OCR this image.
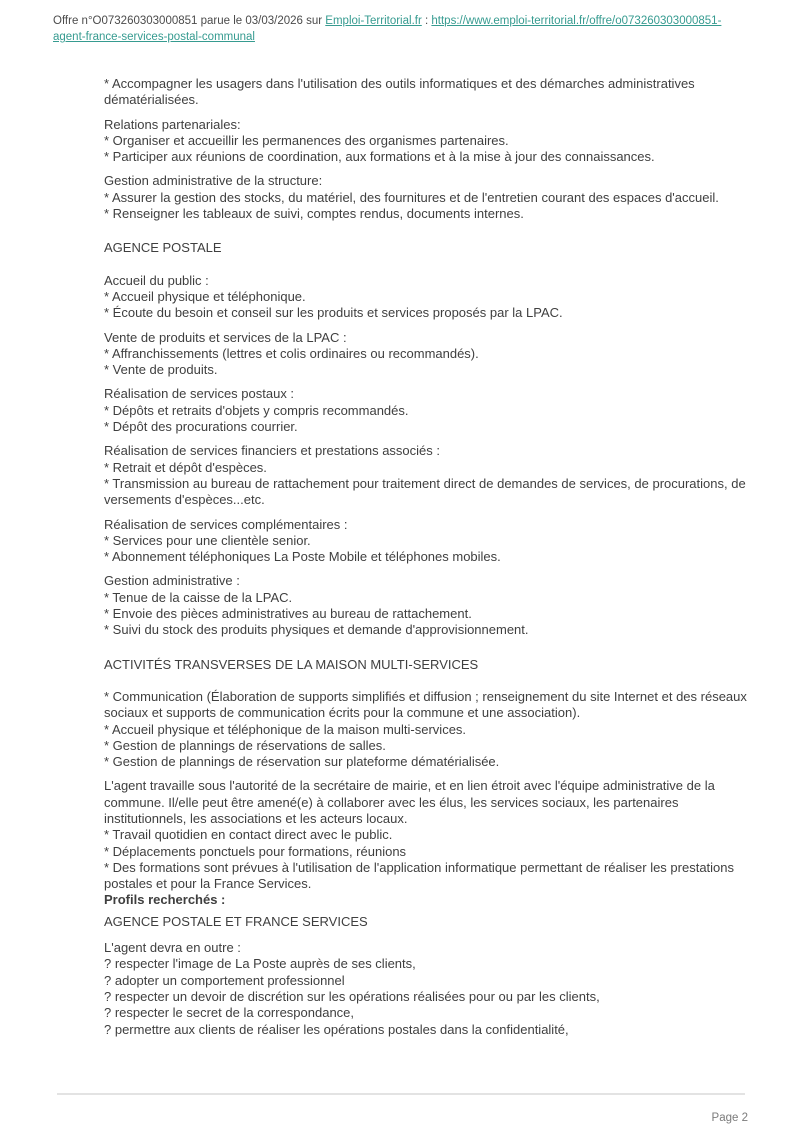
Offre n°O073260303000851 parue le 03/03/2026 sur Emploi-Territorial.fr : https://www.emploi-territorial.fr/offre/o073260303000851-agent-france-services-postal-communal
* Accompagner les usagers dans l'utilisation des outils informatiques et des démarches administratives dématérialisées.
Relations partenariales:
* Organiser et accueillir les permanences des organismes partenaires.
* Participer aux réunions de coordination, aux formations et à la mise à jour des connaissances.
Gestion administrative de la structure:
* Assurer la gestion des stocks, du matériel, des fournitures et de l'entretien courant des espaces d'accueil.
* Renseigner les tableaux de suivi, comptes rendus, documents internes.
AGENCE POSTALE
Accueil du public :
* Accueil physique et téléphonique.
* Écoute du besoin et conseil sur les produits et services proposés par la LPAC.
Vente de produits et services de la LPAC :
* Affranchissements (lettres et colis ordinaires ou recommandés).
* Vente de produits.
Réalisation de services postaux :
* Dépôts et retraits d'objets y compris recommandés.
* Dépôt des procurations courrier.
Réalisation de services financiers et prestations associés :
* Retrait et dépôt d'espèces.
* Transmission au bureau de rattachement pour traitement direct de demandes de services, de procurations, de versements d'espèces...etc.
Réalisation de services complémentaires :
* Services pour une clientèle senior.
* Abonnement téléphoniques La Poste Mobile et téléphones mobiles.
Gestion administrative :
* Tenue de la caisse de la LPAC.
* Envoie des pièces administratives au bureau de rattachement.
* Suivi du stock des produits physiques et demande d'approvisionnement.
ACTIVITÉS TRANSVERSES DE LA MAISON MULTI-SERVICES
* Communication (Élaboration de supports simplifiés et diffusion ; renseignement du site Internet et des réseaux sociaux et supports de communication écrits pour la commune et une association).
* Accueil physique et téléphonique de la maison multi-services.
* Gestion de plannings de réservations de salles.
* Gestion de plannings de réservation sur plateforme dématérialisée.
L'agent travaille sous l'autorité de la secrétaire de mairie, et en lien étroit avec l'équipe administrative de la commune. Il/elle peut être amené(e) à collaborer avec les élus, les services sociaux, les partenaires institutionnels, les associations et les acteurs locaux.
* Travail quotidien en contact direct avec le public.
* Déplacements ponctuels pour formations, réunions
* Des formations sont prévues à l'utilisation de l'application informatique permettant de réaliser les prestations postales et pour la France Services.
Profils recherchés :
AGENCE POSTALE ET FRANCE SERVICES
L'agent devra en outre :
? respecter l'image de La Poste auprès de ses clients,
? adopter un comportement professionnel
? respecter un devoir de discrétion sur les opérations réalisées pour ou par les clients,
? respecter le secret de la correspondance,
? permettre aux clients de réaliser les opérations postales dans la confidentialité,
Page 2
